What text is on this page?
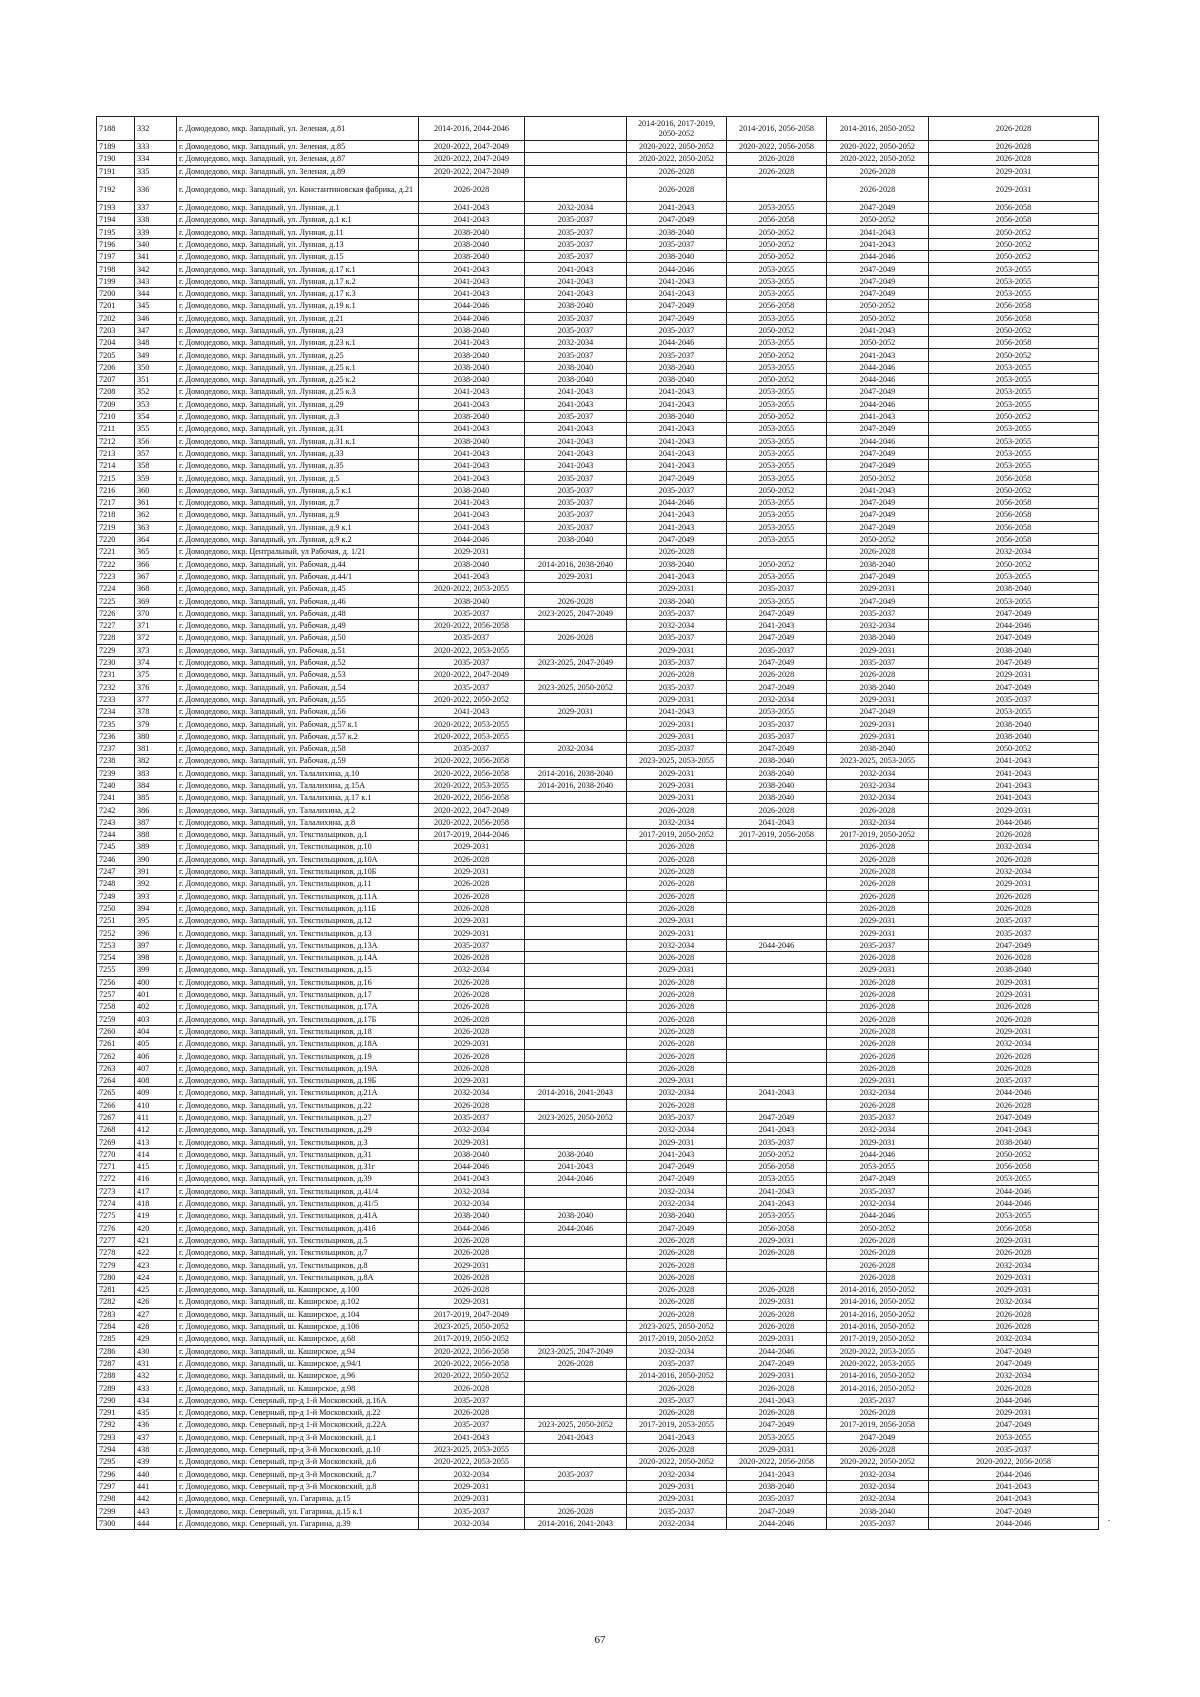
7188	332	г. Домодедово, мкр. Западный, ул. Зеленая, д.81	2014-2016, 2044-2046		2014-2016, 2017-2019, 2050-2052	2014-2016, 2056-2058	2014-2016, 2050-2052	2026-2028
7189	333	г. Домодедово, мкр. Западный, ул. Зеленая, д.85	2020-2022, 2047-2049		2020-2022, 2050-2052	2020-2022, 2056-2058	2020-2022, 2050-2052	2026-2028
7190	334	г. Домодедово, мкр. Западный, ул. Зеленая, д.87	2020-2022, 2047-2049		2020-2022, 2050-2052	2026-2028	2020-2022, 2050-2052	2026-2028
7191	335	г. Домодедово, мкр. Западный, ул. Зеленая, д.89	2020-2022, 2047-2049		2026-2028	2026-2028	2026-2028	2029-2031
7192	336	г. Домодедово, мкр. Западный, ул. Константиновская фабрика, д.21	2026-2028		2026-2028		2026-2028	2029-2031
7193	337	г. Домодедово, мкр. Западный, ул. Лунная, д.1	2041-2043	2032-2034	2041-2043	2053-2055	2047-2049	2056-2058
7194	338	г. Домодедово, мкр. Западный, ул. Лунная, д.1 к.1	2041-2043	2035-2037	2047-2049	2056-2058	2050-2052	2056-2058
7195	339	г. Домодедово, мкр. Западный, ул. Лунная, д.11	2038-2040	2035-2037	2038-2040	2050-2052	2041-2043	2050-2052
7196	340	г. Домодедово, мкр. Западный, ул. Лунная, д.13	2038-2040	2035-2037	2035-2037	2050-2052	2041-2043	2050-2052
7197	341	г. Домодедово, мкр. Западный, ул. Лунная, д.15	2038-2040	2035-2037	2038-2040	2050-2052	2044-2046	2050-2052
7198	342	г. Домодедово, мкр. Западный, ул. Лунная, д.17 к.1	2041-2043	2041-2043	2044-2046	2053-2055	2047-2049	2053-2055
7199	343	г. Домодедово, мкр. Западный, ул. Лунная, д.17 к.2	2041-2043	2041-2043	2041-2043	2053-2055	2047-2049	2053-2055
7200	344	г. Домодедово, мкр. Западный, ул. Лунная, д.17 к.3	2041-2043	2041-2043	2041-2043	2053-2055	2047-2049	2053-2055
7201	345	г. Домодедово, мкр. Западный, ул. Лунная, д.19 к.1	2044-2046	2038-2040	2047-2049	2056-2058	2050-2052	2056-2058
7202	346	г. Домодедово, мкр. Западный, ул. Лунная, д.21	2044-2046	2035-2037	2047-2049	2053-2055	2050-2052	2056-2058
7203	347	г. Домодедово, мкр. Западный, ул. Лунная, д.23	2038-2040	2035-2037	2035-2037	2050-2052	2041-2043	2050-2052
7204	348	г. Домодедово, мкр. Западный, ул. Лунная, д.23 к.1	2041-2043	2032-2034	2044-2046	2053-2055	2050-2052	2056-2058
7205	349	г. Домодедово, мкр. Западный, ул. Лунная, д.25	2038-2040	2035-2037	2035-2037	2050-2052	2041-2043	2050-2052
7206	350	г. Домодедово, мкр. Западный, ул. Лунная, д.25 к.1	2038-2040	2038-2040	2038-2040	2053-2055	2044-2046	2053-2055
7207	351	г. Домодедово, мкр. Западный, ул. Лунная, д.25 к.2	2038-2040	2038-2040	2038-2040	2050-2052	2044-2046	2053-2055
7208	352	г. Домодедово, мкр. Западный, ул. Лунная, д.25 к.3	2041-2043	2041-2043	2041-2043	2053-2055	2047-2049	2053-2055
7209	353	г. Домодедово, мкр. Западный, ул. Лунная, д.29	2041-2043	2041-2043	2041-2043	2053-2055	2044-2046	2053-2055
7210	354	г. Домодедово, мкр. Западный, ул. Лунная, д.3	2038-2040	2035-2037	2038-2040	2050-2052	2041-2043	2050-2052
7211	355	г. Домодедово, мкр. Западный, ул. Лунная, д.31	2041-2043	2041-2043	2041-2043	2053-2055	2047-2049	2053-2055
7212	356	г. Домодедово, мкр. Западный, ул. Лунная, д.31 к.1	2038-2040	2041-2043	2041-2043	2053-2055	2044-2046	2053-2055
7213	357	г. Домодедово, мкр. Западный, ул. Лунная, д.33	2041-2043	2041-2043	2041-2043	2053-2055	2047-2049	2053-2055
7214	358	г. Домодедово, мкр. Западный, ул. Лунная, д.35	2041-2043	2041-2043	2041-2043	2053-2055	2047-2049	2053-2055
7215	359	г. Домодедово, мкр. Западный, ул. Лунная, д.5	2041-2043	2035-2037	2047-2049	2053-2055	2050-2052	2056-2058
7216	360	г. Домодедово, мкр. Западный, ул. Лунная, д.5 к.1	2038-2040	2035-2037	2035-2037	2050-2052	2041-2043	2050-2052
7217	361	г. Домодедово, мкр. Западный, ул. Лунная, д.7	2041-2043	2035-2037	2044-2046	2053-2055	2047-2049	2056-2058
7218	362	г. Домодедово, мкр. Западный, ул. Лунная, д.9	2041-2043	2035-2037	2041-2043	2053-2055	2047-2049	2056-2058
7219	363	г. Домодедово, мкр. Западный, ул. Лунная, д.9 к.1	2041-2043	2035-2037	2041-2043	2053-2055	2047-2049	2056-2058
7220	364	г. Домодедово, мкр. Западный, ул. Лунная, д.9 к.2	2044-2046	2038-2040	2047-2049	2053-2055	2050-2052	2056-2058
7221	365	г. Домодедово, мкр. Центральный, ул Рабочая, д. 1/21	2029-2031		2026-2028		2026-2028	2032-2034
7222	366	г. Домодедово, мкр. Западный, ул. Рабочая, д.44	2038-2040	2014-2016, 2038-2040	2038-2040	2050-2052	2038-2040	2050-2052
7223	367	г. Домодедово, мкр. Западный, ул. Рабочая, д.44/1	2041-2043	2029-2031	2041-2043	2053-2055	2047-2049	2053-2055
7224	368	г. Домодедово, мкр. Западный, ул. Рабочая, д.45	2020-2022, 2053-2055		2029-2031	2035-2037	2029-2031	2038-2040
7225	369	г. Домодедово, мкр. Западный, ул. Рабочая, д.46	2038-2040	2026-2028	2038-2040	2053-2055	2047-2049	2053-2055
7226	370	г. Домодедово, мкр. Западный, ул. Рабочая, д.48	2035-2037	2023-2025, 2047-2049	2035-2037	2047-2049	2035-2037	2047-2049
7227	371	г. Домодедово, мкр. Западный, ул. Рабочая, д.49	2020-2022, 2056-2058		2032-2034	2041-2043	2032-2034	2044-2046
7228	372	г. Домодедово, мкр. Западный, ул. Рабочая, д.50	2035-2037	2026-2028	2035-2037	2047-2049	2038-2040	2047-2049
7229	373	г. Домодедово, мкр. Западный, ул. Рабочая, д.51	2020-2022, 2053-2055		2029-2031	2035-2037	2029-2031	2038-2040
7230	374	г. Домодедово, мкр. Западный, ул. Рабочая, д.52	2035-2037	2023-2025, 2047-2049	2035-2037	2047-2049	2035-2037	2047-2049
7231	375	г. Домодедово, мкр. Западный, ул. Рабочая, д.53	2020-2022, 2047-2049		2026-2028	2026-2028	2026-2028	2029-2031
7232	376	г. Домодедово, мкр. Западный, ул. Рабочая, д.54	2035-2037	2023-2025, 2050-2052	2035-2037	2047-2049	2038-2040	2047-2049
7233	377	г. Домодедово, мкр. Западный, ул. Рабочая, д.55	2020-2022, 2050-2052		2029-2031	2032-2034	2029-2031	2035-2037
7234	378	г. Домодедово, мкр. Западный, ул. Рабочая, д.56	2041-2043	2029-2031	2041-2043	2053-2055	2047-2049	2053-2055
7235	379	г. Домодедово, мкр. Западный, ул. Рабочая, д.57 к.1	2020-2022, 2053-2055		2029-2031	2035-2037	2029-2031	2038-2040
7236	380	г. Домодедово, мкр. Западный, ул. Рабочая, д.57 к.2	2020-2022, 2053-2055		2029-2031	2035-2037	2029-2031	2038-2040
7237	381	г. Домодедово, мкр. Западный, ул. Рабочая, д.58	2035-2037	2032-2034	2035-2037	2047-2049	2038-2040	2050-2052
7238	382	г. Домодедово, мкр. Западный, ул. Рабочая, д.59	2020-2022, 2056-2058		2023-2025, 2053-2055	2038-2040	2023-2025, 2053-2055	2041-2043
7239	383	г. Домодедово, мкр. Западный, ул. Талалихина, д.10	2020-2022, 2056-2058	2014-2016, 2038-2040	2029-2031	2038-2040	2032-2034	2041-2043
7240	384	г. Домодедово, мкр. Западный, ул. Талалихина, д.15А	2020-2022, 2053-2055	2014-2016, 2038-2040	2029-2031	2038-2040	2032-2034	2041-2043
7241	385	г. Домодедово, мкр. Западный, ул. Талалихина, д.17 к.1	2020-2022, 2056-2058		2029-2031	2038-2040	2032-2034	2041-2043
7242	386	г. Домодедово, мкр. Западный, ул. Талалихина, д.2	2020-2022, 2047-2049		2026-2028	2026-2028	2026-2028	2029-2031
7243	387	г. Домодедово, мкр. Западный, ул. Талалихина, д.8	2020-2022, 2056-2058		2032-2034	2041-2043	2032-2034	2044-2046
7244	388	г. Домодедово, мкр. Западный, ул. Текстильщиков, д.1	2017-2019, 2044-2046		2017-2019, 2050-2052	2017-2019, 2056-2058	2017-2019, 2050-2052	2026-2028
7245	389	г. Домодедово, мкр. Западный, ул. Текстильщиков, д.10	2029-2031		2026-2028		2026-2028	2032-2034
7246	390	г. Домодедово, мкр. Западный, ул. Текстильщиков, д.10А	2026-2028		2026-2028		2026-2028	2026-2028
7247	391	г. Домодедово, мкр. Западный, ул. Текстильщиков, д.10Б	2029-2031		2026-2028		2026-2028	2032-2034
7248	392	г. Домодедово, мкр. Западный, ул. Текстильщиков, д.11	2026-2028		2026-2028		2026-2028	2029-2031
7249	393	г. Домодедово, мкр. Западный, ул. Текстильщиков, д.11А	2026-2028		2026-2028		2026-2028	2026-2028
7250	394	г. Домодедово, мкр. Западный, ул. Текстильщиков, д.11Б	2026-2028		2026-2028		2026-2028	2026-2028
7251	395	г. Домодедово, мкр. Западный, ул. Текстильщиков, д.12	2029-2031		2029-2031		2029-2031	2035-2037
7252	396	г. Домодедово, мкр. Западный, ул. Текстильщиков, д.13	2029-2031		2029-2031		2029-2031	2035-2037
7253	397	г. Домодедово, мкр. Западный, ул. Текстильщиков, д.13А	2035-2037		2032-2034	2044-2046	2035-2037	2047-2049
7254	398	г. Домодедово, мкр. Западный, ул. Текстильщиков, д.14А	2026-2028		2026-2028		2026-2028	2026-2028
7255	399	г. Домодедово, мкр. Западный, ул. Текстильщиков, д.15	2032-2034		2029-2031		2029-2031	2038-2040
7256	400	г. Домодедово, мкр. Западный, ул. Текстильщиков, д.16	2026-2028		2026-2028		2026-2028	2029-2031
7257	401	г. Домодедово, мкр. Западный, ул. Текстильщиков, д.17	2026-2028		2026-2028		2026-2028	2029-2031
7258	402	г. Домодедово, мкр. Западный, ул. Текстильщиков, д.17А	2026-2028		2026-2028		2026-2028	2026-2028
7259	403	г. Домодедово, мкр. Западный, ул. Текстильщиков, д.17Б	2026-2028		2026-2028		2026-2028	2026-2028
7260	404	г. Домодедово, мкр. Западный, ул. Текстильщиков, д.18	2026-2028		2026-2028		2026-2028	2029-2031
7261	405	г. Домодедово, мкр. Западный, ул. Текстильщиков, д.18А	2029-2031		2026-2028		2026-2028	2032-2034
7262	406	г. Домодедово, мкр. Западный, ул. Текстильщиков, д.19	2026-2028		2026-2028		2026-2028	2026-2028
7263	407	г. Домодедово, мкр. Западный, ул. Текстильщиков, д.19А	2026-2028		2026-2028		2026-2028	2026-2028
7264	408	г. Домодедово, мкр. Западный, ул. Текстильщиков, д.19Б	2029-2031		2029-2031		2029-2031	2035-2037
7265	409	г. Домодедово, мкр. Западный, ул. Текстильщиков, д.21А	2032-2034	2014-2016, 2041-2043	2032-2034	2041-2043	2032-2034	2044-2046
7266	410	г. Домодедово, мкр. Западный, ул. Текстильщиков, д.22	2026-2028		2026-2028		2026-2028	2026-2028
7267	411	г. Домодедово, мкр. Западный, ул. Текстильщиков, д.27	2035-2037	2023-2025, 2050-2052	2035-2037	2047-2049	2035-2037	2047-2049
7268	412	г. Домодедово, мкр. Западный, ул. Текстильщиков, д.29	2032-2034		2032-2034	2041-2043	2032-2034	2041-2043
7269	413	г. Домодедово, мкр. Западный, ул. Текстильщиков, д.3	2029-2031		2029-2031	2035-2037	2029-2031	2038-2040
7270	414	г. Домодедово, мкр. Западный, ул. Текстильщиков, д.31	2038-2040	2038-2040	2041-2043	2050-2052	2044-2046	2050-2052
7271	415	г. Домодедово, мкр. Западный, ул. Текстильщиков, д.31г	2044-2046	2041-2043	2047-2049	2056-2058	2053-2055	2056-2058
7272	416	г. Домодедово, мкр. Западный, ул. Текстильщиков, д.39	2041-2043	2044-2046	2047-2049	2053-2055	2047-2049	2053-2055
7273	417	г. Домодедово, мкр. Западный, ул. Текстильщиков, д.41/4	2032-2034		2032-2034	2041-2043	2035-2037	2044-2046
7274	418	г. Домодедово, мкр. Западный, ул. Текстильщиков, д.41/5	2032-2034		2032-2034	2041-2043	2032-2034	2044-2046
7275	419	г. Домодедово, мкр. Западный, ул. Текстильщиков, д.41А	2038-2040	2038-2040	2038-2040	2053-2055	2044-2046	2053-2055
7276	420	г. Домодедово, мкр. Западный, ул. Текстильщиков, д.41б	2044-2046	2044-2046	2047-2049	2056-2058	2050-2052	2056-2058
7277	421	г. Домодедово, мкр. Западный, ул. Текстильщиков, д.5	2026-2028		2026-2028	2029-2031	2026-2028	2029-2031
7278	422	г. Домодедово, мкр. Западный, ул. Текстильщиков, д.7	2026-2028		2026-2028	2026-2028	2026-2028	2026-2028
7279	423	г. Домодедово, мкр. Западный, ул. Текстильщиков, д.8	2029-2031		2026-2028		2026-2028	2032-2034
7280	424	г. Домодедово, мкр. Западный, ул. Текстильщиков, д.8А	2026-2028		2026-2028		2026-2028	2029-2031
7281	425	г. Домодедово, мкр. Западный, ш. Каширское, д.100	2026-2028		2026-2028	2026-2028	2014-2016, 2050-2052	2029-2031
7282	426	г. Домодедово, мкр. Западный, ш. Каширское, д.102	2029-2031		2026-2028	2029-2031	2014-2016, 2050-2052	2032-2034
7283	427	г. Домодедово, мкр. Западный, ш. Каширское, д.104	2017-2019, 2047-2049		2026-2028	2026-2028	2014-2016, 2050-2052	2026-2028
7284	428	г. Домодедово, мкр. Западный, ш. Каширское, д.106	2023-2025, 2050-2052		2023-2025, 2050-2052	2026-2028	2014-2016, 2050-2052	2026-2028
7285	429	г. Домодедово, мкр. Западный, ш. Каширское, д.68	2017-2019, 2050-2052		2017-2019, 2050-2052	2029-2031	2017-2019, 2050-2052	2032-2034
7286	430	г. Домодедово, мкр. Западный, ш. Каширское, д.94	2020-2022, 2056-2058	2023-2025, 2047-2049	2032-2034	2044-2046	2020-2022, 2053-2055	2047-2049
7287	431	г. Домодедово, мкр. Западный, ш. Каширское, д.94/1	2020-2022, 2056-2058	2026-2028	2035-2037	2047-2049	2020-2022, 2053-2055	2047-2049
7288	432	г. Домодедово, мкр. Западный, ш. Каширское, д.96	2020-2022, 2050-2052		2014-2016, 2050-2052	2029-2031	2014-2016, 2050-2052	2032-2034
7289	433	г. Домодедово, мкр. Западный, ш. Каширское, д.98	2026-2028		2026-2028	2026-2028	2014-2016, 2050-2052	2026-2028
7290	434	г. Домодедово, мкр. Северный, пр-д 1-й Московский, д.16А	2035-2037		2035-2037	2041-2043	2035-2037	2044-2046
7291	435	г. Домодедово, мкр. Северный, пр-д 1-й Московский, д.22	2026-2028		2026-2028	2026-2028	2026-2028	2029-2031
7292	436	г. Домодедово, мкр. Северный, пр-д 1-й Московский, д.22А	2035-2037	2023-2025, 2050-2052	2017-2019, 2053-2055	2047-2049	2017-2019, 2056-2058	2047-2049
7293	437	г. Домодедово, мкр. Северный, пр-д 3-й Московский, д.1	2041-2043	2041-2043	2041-2043	2053-2055	2047-2049	2053-2055
7294	438	г. Домодедово, мкр. Северный, пр-д 3-й Московский, д.10	2023-2025, 2053-2055		2026-2028	2029-2031	2026-2028	2035-2037
7295	439	г. Домодедово, мкр. Северный, пр-д 3-й Московский, д.6	2020-2022, 2053-2055		2020-2022, 2050-2052	2020-2022, 2056-2058	2020-2022, 2050-2052	2020-2022, 2056-2058
7296	440	г. Домодедово, мкр. Северный, пр-д 3-й Московский, д.7	2032-2034	2035-2037	2032-2034	2041-2043	2032-2034	2044-2046
7297	441	г. Домодедово, мкр. Северный, пр-д 3-й Московский, д.8	2029-2031		2029-2031	2038-2040	2032-2034	2041-2043
7298	442	г. Домодедово, мкр. Северный, ул. Гагарина, д.15	2029-2031		2029-2031	2035-2037	2032-2034	2041-2043
7299	443	г. Домодедово, мкр. Северный, ул. Гагарина, д.15 к.1	2035-2037	2026-2028	2035-2037	2047-2049	2038-2040	2047-2049
7300	444	г. Домодедово, мкр. Северный, ул. Гагарина, д.39	2032-2034	2014-2016, 2041-2043	2032-2034	2044-2046	2035-2037	2044-2046
67
.
